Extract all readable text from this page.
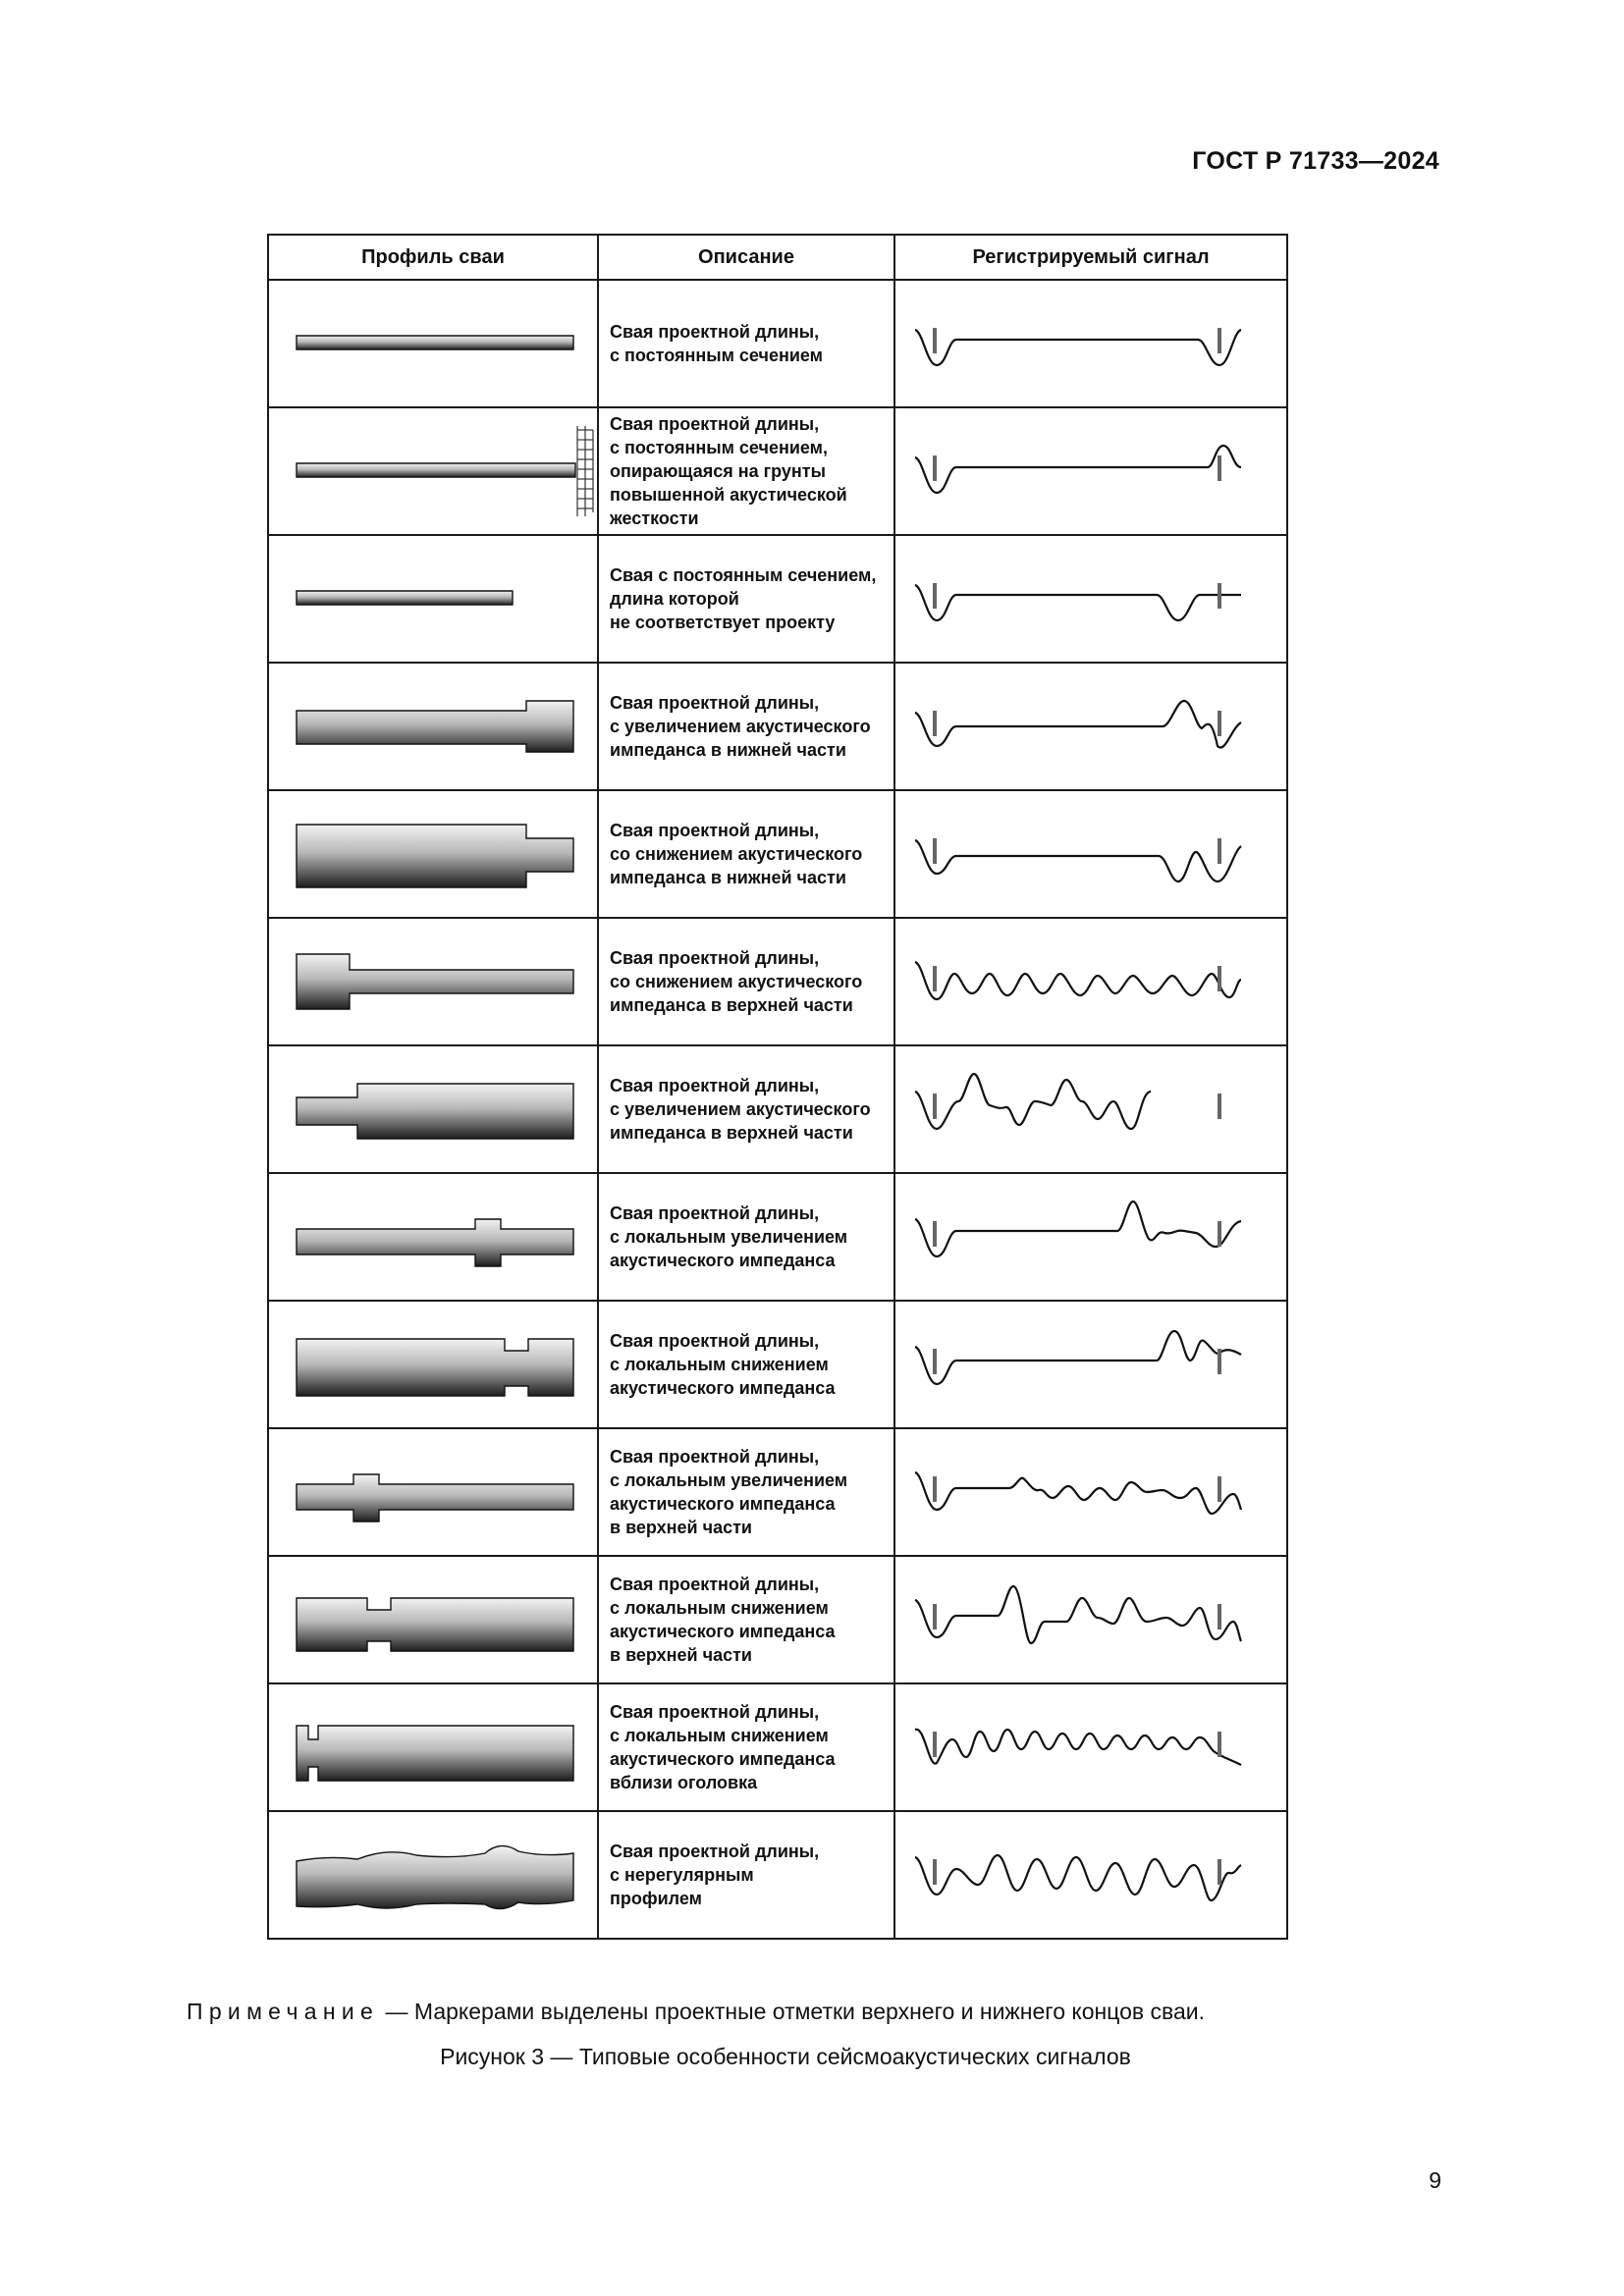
ГОСТ Р 71733—2024
Профиль сваи	Описание	Регистрируемый сигнал

Свая проектной длины,
с постоянным сечением

Свая проектной длины,
с постоянным сечением,
опирающаяся на грунты
повышенной акустической
жесткости

Свая с постоянным сечением,
длина которой
не соответствует проекту

Свая проектной длины,
с увеличением акустического
импеданса в нижней части

Свая проектной длины,
со снижением акустического
импеданса в нижней части

Свая проектной длины,
со снижением акустического
импеданса в верхней части

Свая проектной длины,
с увеличением акустического
импеданса в верхней части

Свая проектной длины,
с локальным увеличением
акустического импеданса

Свая проектной длины,
с локальным снижением
акустического импеданса

Свая проектной длины,
с локальным увеличением
акустического импеданса
в верхней части

Свая проектной длины,
с локальным снижением
акустического импеданса
в верхней части

Свая проектной длины,
с локальным снижением
акустического импеданса
вблизи оголовка

Свая проектной длины,
с нерегулярным
профилем

Примечание — Маркерами выделены проектные отметки верхнего и нижнего концов сваи.
Рисунок 3 — Типовые особенности сейсмоакустических сигналов
9
